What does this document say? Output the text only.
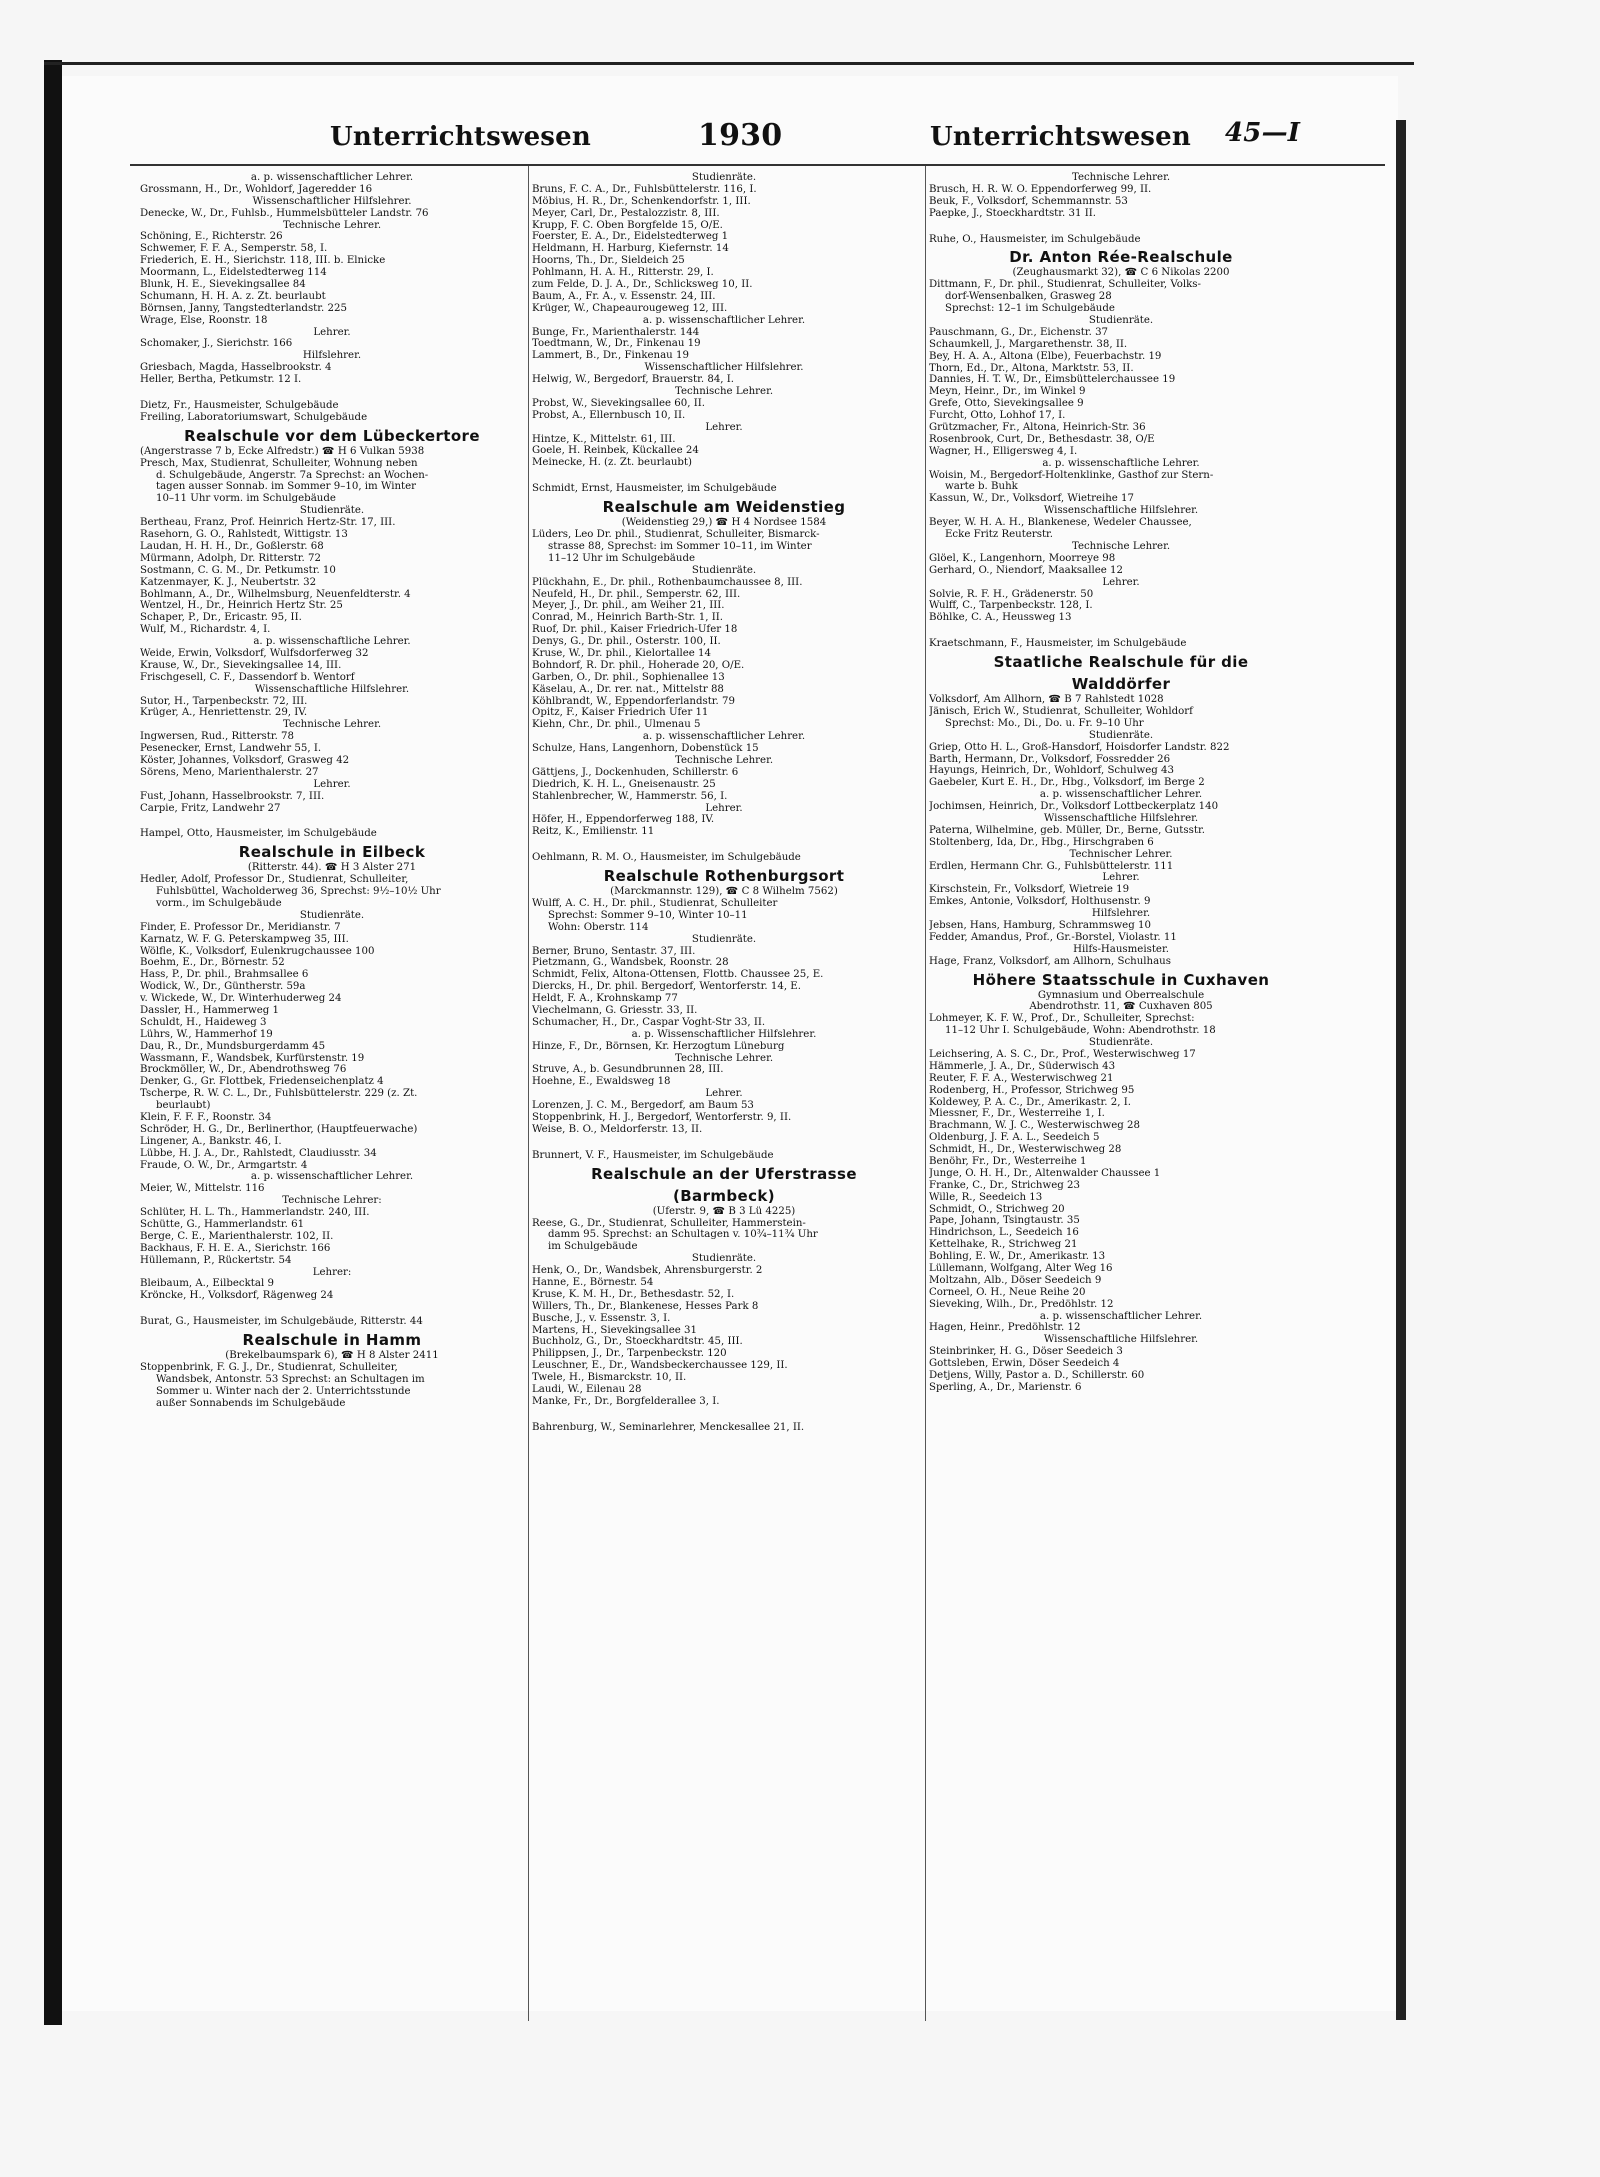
Unterrichtswesen	1930	Unterrichtswesen 45—I
a. p. wissenschaftlicher Lehrer.
Grossmann, H., Dr., Wohldorf, Jageredder 16
Wissenschaftlicher Hilfslehrer.
Denecke, W., Dr., Fuhlsb., Hummelsbütteler Landstr. 76
Technische Lehrer.
Schöning, E., Richterstr. 26
Schwemer, F. F. A., Semperstr. 58, I.
Friederich, E. H., Sierichstr. 118, III. b. Elnicke
Moormann, L., Eidelstedterweg 114
Blunk, H. E., Sievekingsallee 84
Schumann, H. H. A. z. Zt. beurlaubt
Börnsen, Janny, Tangstedterlandstr. 225
Wrage, Else, Roonstr. 18
Lehrer.
Schomaker, J., Sierichstr. 166
Hilfslehrer.
Griesbach, Magda, Hasselbrookstr. 4
Heller, Bertha, Petkumstr. 12 I.
Dietz, Fr., Hausmeister, Schulgebäude
Freiling, Laboratoriumswart, Schulgebäude
Realschule vor dem Lübeckertore
(Angerstrasse 7 b, Ecke Alfredstr.) ☎ H 6 Vulkan 5938
Presch, Max, Studienrat, Schulleiter, Wohnung neben
d. Schulgebäude, Angerstr. 7a Sprechst: an Wochen-
tagen ausser Sonnab. im Sommer 9–10, im Winter
10–11 Uhr vorm. im Schulgebäude
Studienräte.
Bertheau, Franz, Prof. Heinrich Hertz-Str. 17, III.
Rasehorn, G. O., Rahlstedt, Wittigstr. 13
Laudan, H. H. H., Dr., Goßlerstr. 68
Mürmann, Adolph, Dr. Ritterstr. 72
Sostmann, C. G. M., Dr. Petkumstr. 10
Katzenmayer, K. J., Neubertstr. 32
Bohlmann, A., Dr., Wilhelmsburg, Neuenfeldterstr. 4
Wentzel, H., Dr., Heinrich Hertz Str. 25
Schaper, P., Dr., Ericastr. 95, II.
Wulf, M., Richardstr. 4, I.
a. p. wissenschaftliche Lehrer.
Weide, Erwin, Volksdorf, Wulfsdorferweg 32
Krause, W., Dr., Sievekingsallee 14, III.
Frischgesell, C. F., Dassendorf b. Wentorf
Wissenschaftliche Hilfslehrer.
Sutor, H., Tarpenbeckstr. 72, III.
Krüger, A., Henriettenstr. 29, IV.
Technische Lehrer.
Ingwersen, Rud., Ritterstr. 78
Pesenecker, Ernst, Landwehr 55, I.
Köster, Johannes, Volksdorf, Grasweg 42
Sörens, Meno, Marienthalerstr. 27
Lehrer.
Fust, Johann, Hasselbrookstr. 7, III.
Carpie, Fritz, Landwehr 27
Hampel, Otto, Hausmeister, im Schulgebäude
Realschule in Eilbeck
(Ritterstr. 44). ☎ H 3 Alster 271
Hedler, Adolf, Professor Dr., Studienrat, Schulleiter,
Fuhlsbüttel, Wacholderweg 36, Sprechst: 9½–10½ Uhr
vorm., im Schulgebäude
Studienräte.
Finder, E. Professor Dr., Meridianstr. 7
Karnatz, W. F. G. Peterskampweg 35, III.
Wölfle, K., Volksdorf, Eulenkrugchaussee 100
Boehm, E., Dr., Börnestr. 52
Hass, P., Dr. phil., Brahmsallee 6
Wodick, W., Dr., Güntherstr. 59a
v. Wickede, W., Dr. Winterhuderweg 24
Dassler, H., Hammerweg 1
Schuldt, H., Haideweg 3
Lührs, W., Hammerhof 19
Dau, R., Dr., Mundsburgerdamm 45
Wassmann, F., Wandsbek, Kurfürstenstr. 19
Brockmöller, W., Dr., Abendrothsweg 76
Denker, G., Gr. Flottbek, Friedenseichenplatz 4
Tscherpe, R. W. C. L., Dr., Fuhlsbüttelerstr. 229 (z. Zt.
beurlaubt)
Klein, F. F. F., Roonstr. 34
Schröder, H. G., Dr., Berlinerthor, (Hauptfeuerwache)
Lingener, A., Bankstr. 46, I.
Lübbe, H. J. A., Dr., Rahlstedt, Claudiusstr. 34
Fraude, O. W., Dr., Armgartstr. 4
a. p. wissenschaftlicher Lehrer.
Meier, W., Mittelstr. 116
Technische Lehrer:
Schlüter, H. L. Th., Hammerlandstr. 240, III.
Schütte, G., Hammerlandstr. 61
Berge, C. E., Marienthalerstr. 102, II.
Backhaus, F. H. E. A., Sierichstr. 166
Hüllemann, P., Rückertstr. 54
Lehrer:
Bleibaum, A., Eilbecktal 9
Kröncke, H., Volksdorf, Rägenweg 24
Burat, G., Hausmeister, im Schulgebäude, Ritterstr. 44
Realschule in Hamm
(Brekelbaumspark 6), ☎ H 8 Alster 2411
Stoppenbrink, F. G. J., Dr., Studienrat, Schulleiter,
Wandsbek, Antonstr. 53 Sprechst: an Schultagen im
Sommer u. Winter nach der 2. Unterrichtsstunde
außer Sonnabends im Schulgebäude
Studienräte.
Bruns, F. C. A., Dr., Fuhlsbüttelerstr. 116, I.
Möbius, H. R., Dr., Schenkendorfstr. 1, III.
Meyer, Carl, Dr., Pestalozzistr. 8, III.
Krupp, F. C. Oben Borgfelde 15, O/E.
Foerster, E. A., Dr., Eidelstedterweg 1
Heldmann, H. Harburg, Kiefernstr. 14
Hoorns, Th., Dr., Sieldeich 25
Pohlmann, H. A. H., Ritterstr. 29, I.
zum Felde, D. J. A., Dr., Schlicksweg 10, II.
Baum, A., Fr. A., v. Essenstr. 24, III.
Krüger, W., Chapeaurougeweg 12, III.
a. p. wissenschaftlicher Lehrer.
Bunge, Fr., Marienthalerstr. 144
Toedtmann, W., Dr., Finkenau 19
Lammert, B., Dr., Finkenau 19
Wissenschaftlicher Hilfslehrer.
Helwig, W., Bergedorf, Brauerstr. 84, I.
Technische Lehrer.
Probst, W., Sievekingsallee 60, II.
Probst, A., Ellernbusch 10, II.
Lehrer.
Hintze, K., Mittelstr. 61, III.
Goele, H. Reinbek, Kückallee 24
Meinecke, H. (z. Zt. beurlaubt)
Schmidt, Ernst, Hausmeister, im Schulgebäude
Realschule am Weidenstieg
(Weidenstieg 29,) ☎ H 4 Nordsee 1584
Lüders, Leo Dr. phil., Studienrat, Schulleiter, Bismarck-
strasse 88, Sprechst: im Sommer 10–11, im Winter
11–12 Uhr im Schulgebäude
Studienräte.
Plückhahn, E., Dr. phil., Rothenbaumchaussee 8, III.
Neufeld, H., Dr. phil., Semperstr. 62, III.
Meyer, J., Dr. phil., am Weiher 21, III.
Conrad, M., Heinrich Barth-Str. 1, II.
Ruof, Dr. phil., Kaiser Friedrich-Ufer 18
Denys, G., Dr. phil., Osterstr. 100, II.
Kruse, W., Dr. phil., Kielortallee 14
Bohndorf, R. Dr. phil., Hoherade 20, O/E.
Garben, O., Dr. phil., Sophienallee 13
Käselau, A., Dr. rer. nat., Mittelstr 88
Köhlbrandt, W., Eppendorferlandstr. 79
Opitz, F., Kaiser Friedrich Ufer 11
Kiehn, Chr., Dr. phil., Ulmenau 5
a. p. wissenschaftlicher Lehrer.
Schulze, Hans, Langenhorn, Dobenstück 15
Technische Lehrer.
Gättjens, J., Dockenhuden, Schillerstr. 6
Diedrich, K. H. L., Gneisenaustr. 25
Stahlenbrecher, W., Hammerstr. 56, I.
Lehrer.
Höfer, H., Eppendorferweg 188, IV.
Reitz, K., Emilienstr. 11
Oehlmann, R. M. O., Hausmeister, im Schulgebäude
Realschule Rothenburgsort
(Marckmannstr. 129), ☎ C 8 Wilhelm 7562)
Wulff, A. C. H., Dr. phil., Studienrat, Schulleiter
Sprechst: Sommer 9–10, Winter 10–11
Wohn: Oberstr. 114
Studienräte.
Berner, Bruno, Sentastr. 37, III.
Pietzmann, G., Wandsbek, Roonstr. 28
Schmidt, Felix, Altona-Ottensen, Flottb. Chaussee 25, E.
Diercks, H., Dr. phil. Bergedorf, Wentorferstr. 14, E.
Heldt, F. A., Krohnskamp 77
Viechelmann, G. Griesstr. 33, II.
Schumacher, H., Dr., Caspar Voght-Str 33, II.
a. p. Wissenschaftlicher Hilfslehrer.
Hinze, F., Dr., Börnsen, Kr. Herzogtum Lüneburg
Technische Lehrer.
Struve, A., b. Gesundbrunnen 28, III.
Hoehne, E., Ewaldsweg 18
Lehrer.
Lorenzen, J. C. M., Bergedorf, am Baum 53
Stoppenbrink, H. J., Bergedorf, Wentorferstr. 9, II.
Weise, B. O., Meldorferstr. 13, II.
Brunnert, V. F., Hausmeister, im Schulgebäude
Realschule an der Uferstrasse
(Barmbeck)
(Uferstr. 9, ☎ B 3 Lü 4225)
Reese, G., Dr., Studienrat, Schulleiter, Hammerstein-
damm 95. Sprechst: an Schultagen v. 10¾–11¾ Uhr
im Schulgebäude
Studienräte.
Henk, O., Dr., Wandsbek, Ahrensburgerstr. 2
Hanne, E., Börnestr. 54
Kruse, K. M. H., Dr., Bethesdastr. 52, I.
Willers, Th., Dr., Blankenese, Hesses Park 8
Busche, J., v. Essenstr. 3, I.
Martens, H., Sievekingsallee 31
Buchholz, G., Dr., Stoeckhardtstr. 45, III.
Philippsen, J., Dr., Tarpenbeckstr. 120
Leuschner, E., Dr., Wandsbeckerchaussee 129, II.
Twele, H., Bismarckstr. 10, II.
Laudi, W., Eilenau 28
Manke, Fr., Dr., Borgfelderallee 3, I.
Bahrenburg, W., Seminarlehrer, Menckesallee 21, II.
Technische Lehrer.
Brusch, H. R. W. O. Eppendorferweg 99, II.
Beuk, F., Volksdorf, Schemmannstr. 53
Paepke, J., Stoeckhardtstr. 31 II.
Ruhe, O., Hausmeister, im Schulgebäude
Dr. Anton Rée-Realschule
(Zeughausmarkt 32), ☎ C 6 Nikolas 2200
Dittmann, F., Dr. phil., Studienrat, Schulleiter, Volks-
dorf-Wensenbalken, Grasweg 28
Sprechst: 12–1 im Schulgebäude
Studienräte.
Pauschmann, G., Dr., Eichenstr. 37
Schaumkell, J., Margarethenstr. 38, II.
Bey, H. A. A., Altona (Elbe), Feuerbachstr. 19
Thorn, Ed., Dr., Altona, Marktstr. 53, II.
Dannies, H. T. W., Dr., Eimsbüttelerchaussee 19
Meyn, Heinr., Dr., im Winkel 9
Grefe, Otto, Sievekingsallee 9
Furcht, Otto, Lohhof 17, I.
Grützmacher, Fr., Altona, Heinrich-Str. 36
Rosenbrook, Curt, Dr., Bethesdastr. 38, O/E
Wagner, H., Elligersweg 4, I.
a. p. wissenschaftliche Lehrer.
Woisin, M., Bergedorf-Holtenklinke, Gasthof zur Stern-
warte b. Buhk
Kassun, W., Dr., Volksdorf, Wietreihe 17
Wissenschaftliche Hilfslehrer.
Beyer, W. H. A. H., Blankenese, Wedeler Chaussee,
Ecke Fritz Reuterstr.
Technische Lehrer.
Glöel, K., Langenhorn, Moorreye 98
Gerhard, O., Niendorf, Maaksallee 12
Lehrer.
Solvie, R. F. H., Grädenerstr. 50
Wulff, C., Tarpenbeckstr. 128, I.
Böhlke, C. A., Heussweg 13
Kraetschmann, F., Hausmeister, im Schulgebäude
Staatliche Realschule für die
Walddörfer
Volksdorf, Am Allhorn, ☎ B 7 Rahlstedt 1028
Jänisch, Erich W., Studienrat, Schulleiter, Wohldorf
Sprechst: Mo., Di., Do. u. Fr. 9–10 Uhr
Studienräte.
Griep, Otto H. L., Groß-Hansdorf, Hoisdorfer Landstr. 822
Barth, Hermann, Dr., Volksdorf, Fossredder 26
Hayungs, Heinrich, Dr., Wohldorf, Schulweg 43
Gaebeler, Kurt E. H., Dr., Hbg., Volksdorf, im Berge 2
a. p. wissenschaftlicher Lehrer.
Jochimsen, Heinrich, Dr., Volksdorf Lottbeckerplatz 140
Wissenschaftliche Hilfslehrer.
Paterna, Wilhelmine, geb. Müller, Dr., Berne, Gutsstr.
Stoltenberg, Ida, Dr., Hbg., Hirschgraben 6
Technischer Lehrer.
Erdlen, Hermann Chr. G., Fuhlsbüttelerstr. 111
Lehrer.
Kirschstein, Fr., Volksdorf, Wietreie 19
Emkes, Antonie, Volksdorf, Holthusenstr. 9
Hilfslehrer.
Jebsen, Hans, Hamburg, Schrammsweg 10
Fedder, Amandus, Prof., Gr.-Borstel, Violastr. 11
Hilfs-Hausmeister.
Hage, Franz, Volksdorf, am Allhorn, Schulhaus
Höhere Staatsschule in Cuxhaven
Gymnasium und Oberrealschule
Abendrothstr. 11, ☎ Cuxhaven 805
Lohmeyer, K. F. W., Prof., Dr., Schulleiter, Sprechst:
11–12 Uhr I. Schulgebäude, Wohn: Abendrothstr. 18
Studienräte.
Leichsering, A. S. C., Dr., Prof., Westerwischweg 17
Hämmerle, J. A., Dr., Süderwisch 43
Reuter, F. F. A., Westerwischweg 21
Rodenberg, H., Professor, Strichweg 95
Koldewey, P. A. C., Dr., Amerikastr. 2, I.
Miessner, F., Dr., Westerreihe 1, I.
Brachmann, W. J. C., Westerwischweg 28
Oldenburg, J. F. A. L., Seedeich 5
Schmidt, H., Dr., Westerwischweg 28
Benöhr, Fr., Dr., Westerreihe 1
Junge, O. H. H., Dr., Altenwalder Chaussee 1
Franke, C., Dr., Strichweg 23
Wille, R., Seedeich 13
Schmidt, O., Strichweg 20
Pape, Johann, Tsingtaustr. 35
Hindrichson, L., Seedeich 16
Kettelhake, R., Strichweg 21
Bohling, E. W., Dr., Amerikastr. 13
Lüllemann, Wolfgang, Alter Weg 16
Moltzahn, Alb., Döser Seedeich 9
Corneel, O. H., Neue Reihe 20
Sieveking, Wilh., Dr., Predöhlstr. 12
a. p. wissenschaftlicher Lehrer.
Hagen, Heinr., Predöhlstr. 12
Wissenschaftliche Hilfslehrer.
Steinbrinker, H. G., Döser Seedeich 3
Gottsleben, Erwin, Döser Seedeich 4
Detjens, Willy, Pastor a. D., Schillerstr. 60
Sperling, A., Dr., Marienstr. 6
